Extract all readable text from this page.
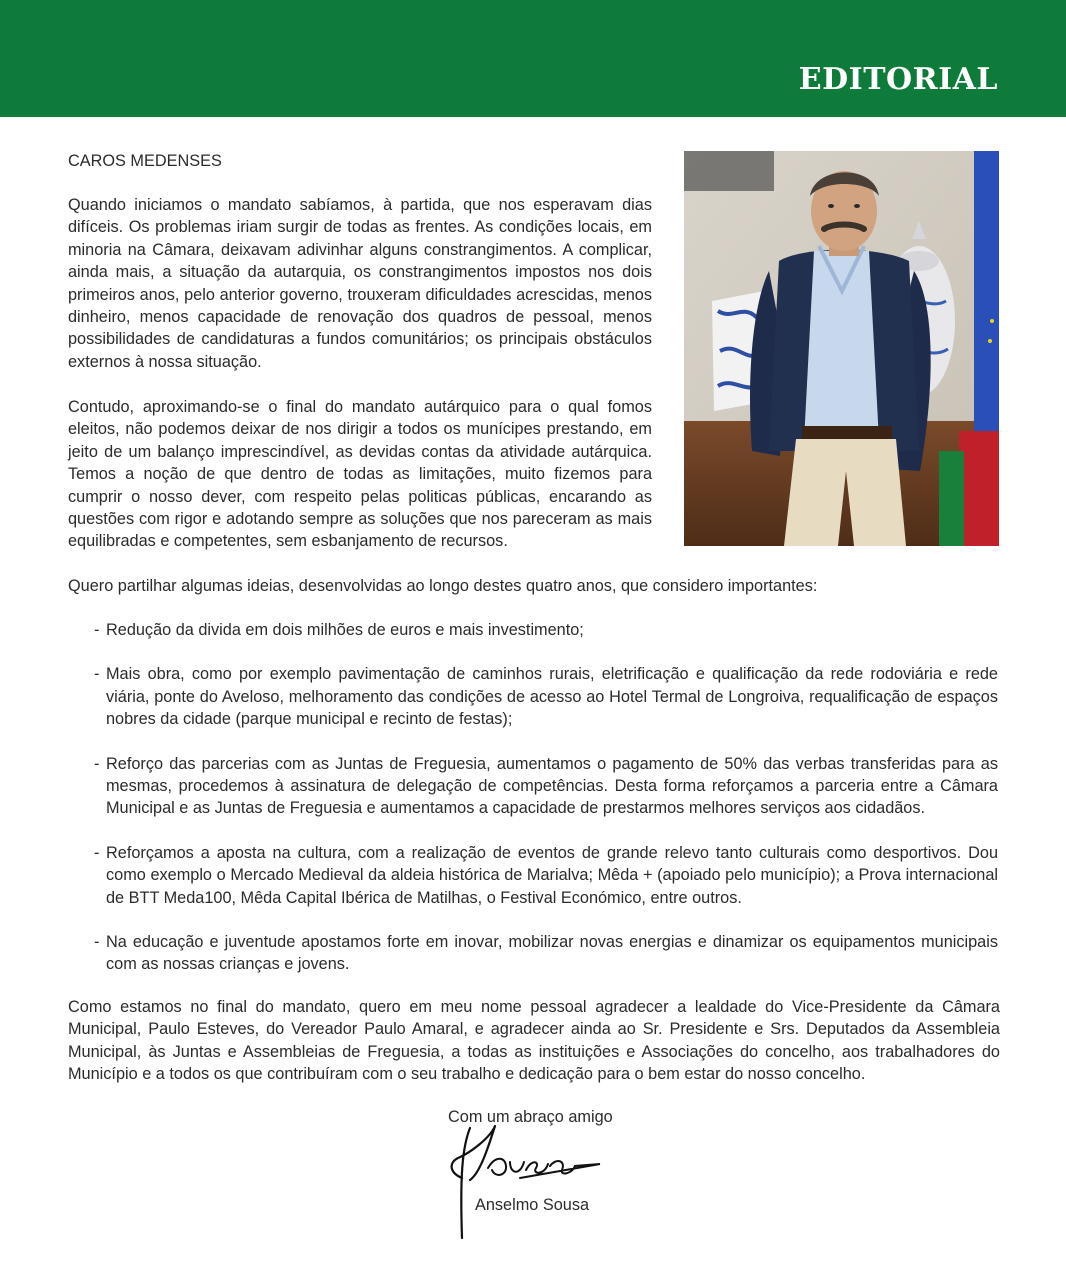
EDITORIAL

CAROS MEDENSES

Quando iniciamos o mandato sabíamos, à partida, que nos esperavam dias difíceis. Os problemas iriam surgir de todas as frentes. As condições locais, em minoria na Câmara, deixavam adivinhar alguns constrangimentos. A complicar, ainda mais, a situação da autarquia, os constrangimentos impostos nos dois primeiros anos, pelo anterior governo, trouxeram dificuldades acrescidas, menos dinheiro, menos capacidade de renovação dos quadros de pessoal, menos possibilidades de candidaturas a fundos comunitários; os principais obstáculos externos à nossa situação.

Contudo, aproximando-se o final do mandato autárquico para o qual fomos eleitos, não podemos deixar de nos dirigir a todos os munícipes prestando, em jeito de um balanço imprescindível, as devidas contas da atividade autárquica. Temos a noção de que dentro de todas as limitações, muito fizemos para cumprir o nosso dever, com respeito pelas politicas públicas, encarando as questões com rigor e adotando sempre as soluções que nos pareceram as mais equilibradas e competentes, sem esbanjamento de recursos.

Quero partilhar algumas ideias, desenvolvidas ao longo destes quatro anos, que considero importantes:

- Redução da divida em dois milhões de euros e mais investimento;
- Mais obra, como por exemplo pavimentação de caminhos rurais, eletrificação e qualificação da rede rodoviária e rede viária, ponte do Aveloso, melhoramento das condições de acesso ao Hotel Termal de Longroiva, requalificação de espaços nobres da cidade (parque municipal e recinto de festas);
- Reforço das parcerias com as Juntas de Freguesia, aumentamos o pagamento de 50% das verbas transferidas para as mesmas, procedemos à assinatura de delegação de competências. Desta forma reforçamos a parceria entre a Câmara Municipal e as Juntas de Freguesia e aumentamos a capacidade de prestarmos melhores serviços aos cidadãos.
- Reforçamos a aposta na cultura, com a realização de eventos de grande relevo tanto culturais como desportivos. Dou como exemplo o Mercado Medieval da aldeia histórica de Marialva; Mêda + (apoiado pelo município); a Prova internacional de BTT Meda100, Mêda Capital Ibérica de Matilhas, o Festival Económico, entre outros.
- Na educação e juventude apostamos forte em inovar, mobilizar novas energias e dinamizar os equipamentos municipais com as nossas crianças e jovens.

Como estamos no final do mandato, quero em meu nome pessoal agradecer a lealdade do Vice-Presidente da Câmara Municipal, Paulo Esteves, do Vereador Paulo Amaral, e agradecer ainda ao Sr. Presidente e Srs. Deputados da Assembleia Municipal, às Juntas e Assembleias de Freguesia, a todas as instituições e Associações do concelho, aos trabalhadores do Município e a todos os que contribuíram com o seu trabalho e dedicação para o bem estar do nosso concelho.

Com um abraço amigo
Anselmo Sousa
